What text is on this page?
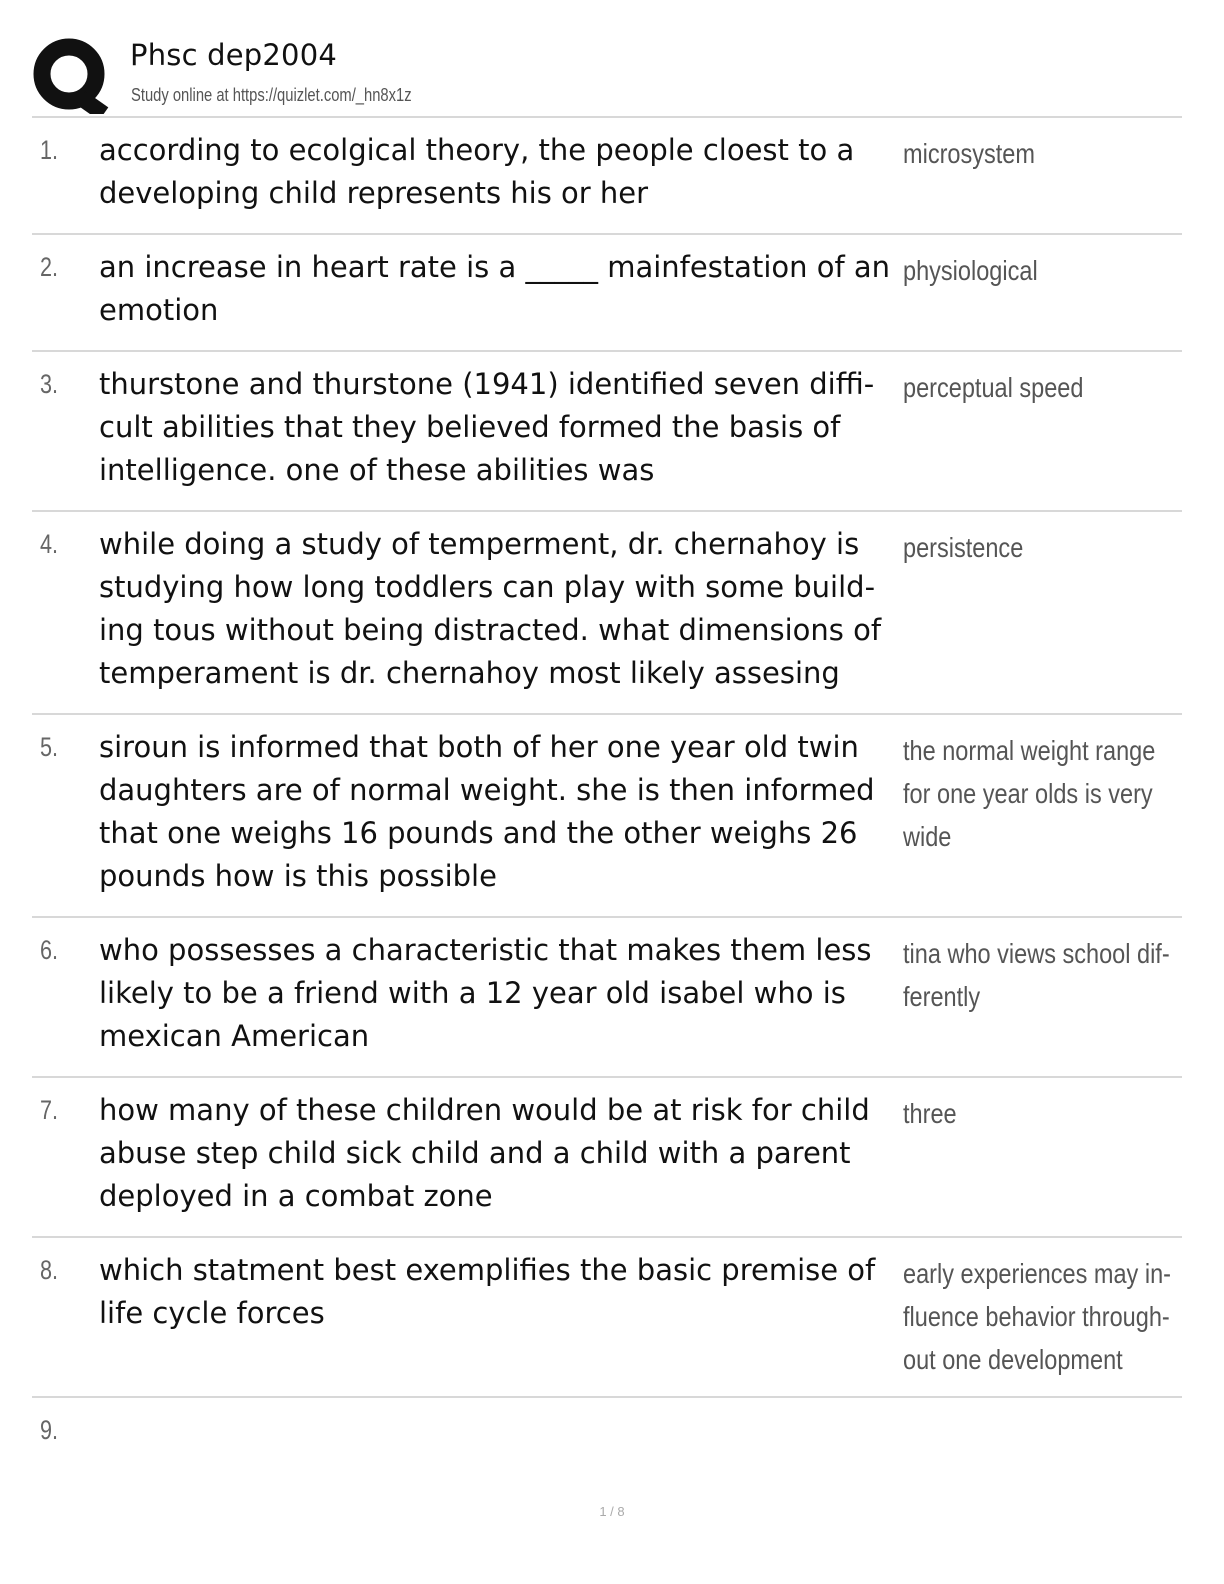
Phsc dep2004
Study online at https://quizlet.com/_hn8x1z
1. according to ecolgical theory, the people cloest to a developing child represents his or her
microsystem
2. an increase in heart rate is a _____ mainfestation of an emotion
physiological
3. thurstone and thurstone (1941) identified seven diffi-cult abilities that they believed formed the basis of intelligence. one of these abilities was
perceptual speed
4. while doing a study of temperment, dr. chernahoy is studying how long toddlers can play with some build-ing tous without being distracted. what dimensions of temperament is dr. chernahoy most likely assesing
persistence
5. siroun is informed that both of her one year old twin daughters are of normal weight. she is then informed that one weighs 16 pounds and the other weighs 26 pounds how is this possible
the normal weight range for one year olds is very wide
6. who possesses a characteristic that makes them less likely to be a friend with a 12 year old isabel who is mexican American
tina who views school dif-ferently
7. how many of these children would be at risk for child abuse step child sick child and a child with a parent deployed in a combat zone
three
8. which statment best exemplifies the basic premise of life cycle forces
early experiences may in-fluence behavior through-out one development
9.
1 / 8
